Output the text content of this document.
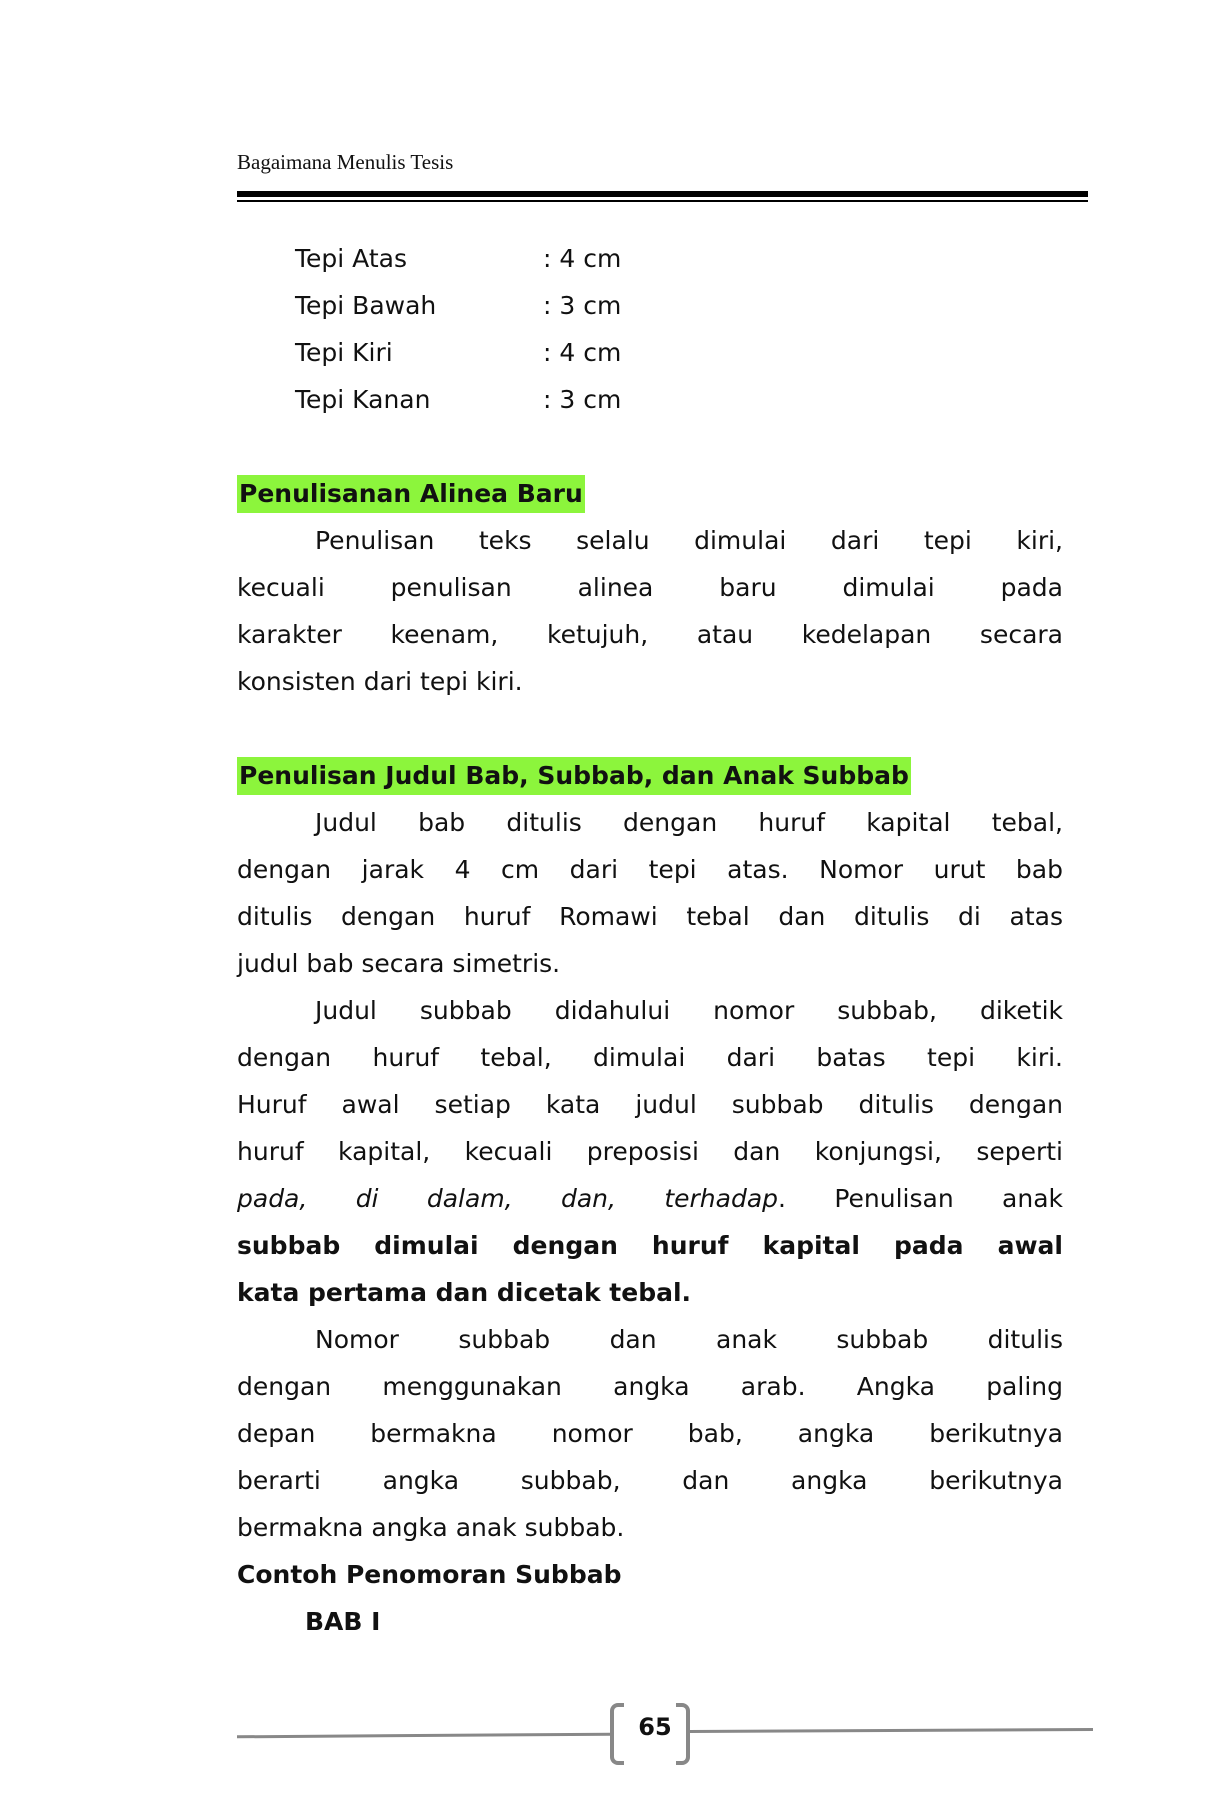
Bagaimana Menulis Tesis
Tepi Atas	: 4 cm
Tepi Bawah	: 3 cm
Tepi Kiri	: 4 cm
Tepi Kanan	: 3 cm
Penulisanan Alinea Baru
Penulisan teks selalu dimulai dari tepi kiri,
kecuali penulisan alinea baru dimulai pada
karakter keenam, ketujuh, atau kedelapan secara
konsisten dari tepi kiri.
Penulisan Judul Bab, Subbab, dan Anak Subbab
Judul bab ditulis dengan huruf kapital tebal,
dengan jarak 4 cm dari tepi atas. Nomor urut bab
ditulis dengan huruf Romawi tebal dan ditulis di atas
judul bab secara simetris.
Judul subbab didahului nomor subbab, diketik
dengan huruf tebal, dimulai dari batas tepi kiri.
Huruf awal setiap kata judul subbab ditulis dengan
huruf kapital, kecuali preposisi dan konjungsi, seperti
pada, di dalam, dan, terhadap. Penulisan anak
subbab dimulai dengan huruf kapital pada awal
kata pertama dan dicetak tebal.
Nomor subbab dan anak subbab ditulis
dengan menggunakan angka arab. Angka paling
depan bermakna nomor bab, angka berikutnya
berarti angka subbab, dan angka berikutnya
bermakna angka anak subbab.
Contoh Penomoran Subbab
BAB I
65
